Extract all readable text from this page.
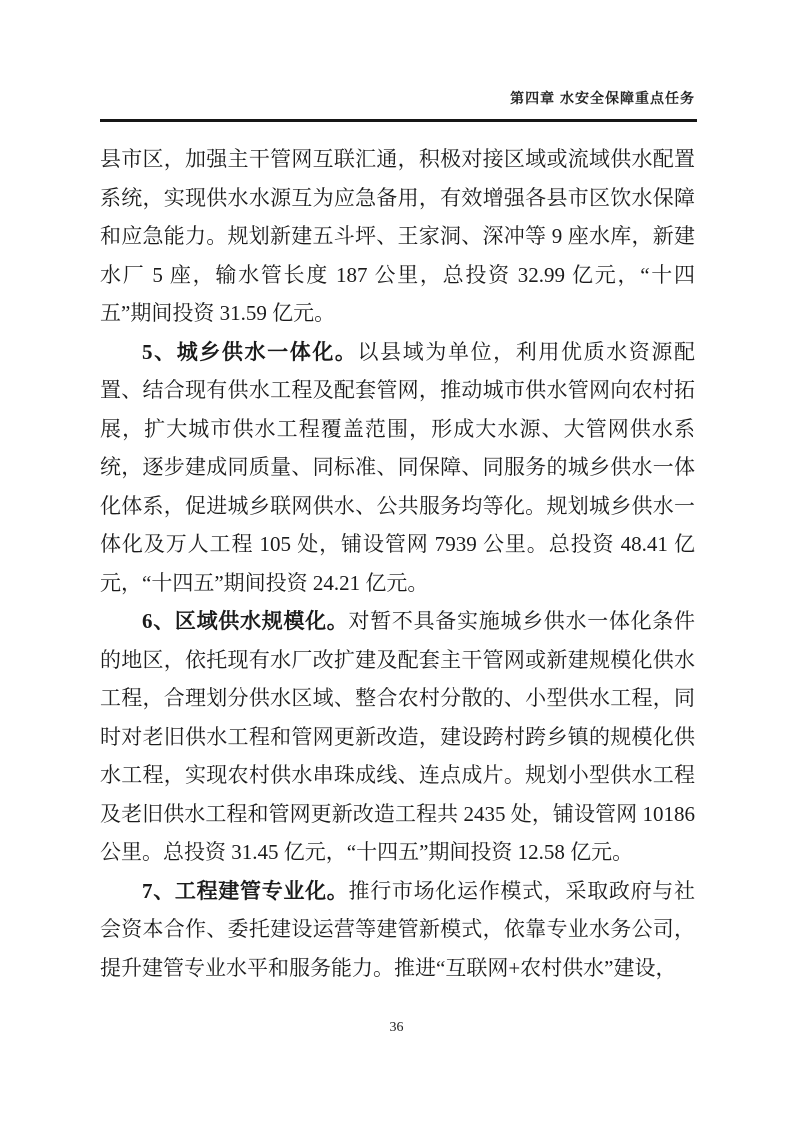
第四章 水安全保障重点任务

县市区，加强主干管网互联汇通，积极对接区域或流域供水配置系统，实现供水水源互为应急备用，有效增强各县市区饮水保障和应急能力。规划新建五斗坪、王家洞、深冲等 9 座水库，新建水厂 5 座，输水管长度 187 公里，总投资 32.99 亿元，“十四五”期间投资 31.59 亿元。

5、城乡供水一体化。以县域为单位，利用优质水资源配置、结合现有供水工程及配套管网，推动城市供水管网向农村拓展，扩大城市供水工程覆盖范围，形成大水源、大管网供水系统，逐步建成同质量、同标准、同保障、同服务的城乡供水一体化体系，促进城乡联网供水、公共服务均等化。规划城乡供水一体化及万人工程 105 处，铺设管网 7939 公里。总投资 48.41 亿元，“十四五”期间投资 24.21 亿元。

6、区域供水规模化。对暂不具备实施城乡供水一体化条件的地区，依托现有水厂改扩建及配套主干管网或新建规模化供水工程，合理划分供水区域、整合农村分散的、小型供水工程，同时对老旧供水工程和管网更新改造，建设跨村跨乡镇的规模化供水工程，实现农村供水串珠成线、连点成片。规划小型供水工程及老旧供水工程和管网更新改造工程共 2435 处，铺设管网 10186 公里。总投资 31.45 亿元，“十四五”期间投资 12.58 亿元。

7、工程建管专业化。推行市场化运作模式，采取政府与社会资本合作、委托建设运营等建管新模式，依靠专业水务公司，提升建管专业水平和服务能力。推进“互联网+农村供水”建设，

36
